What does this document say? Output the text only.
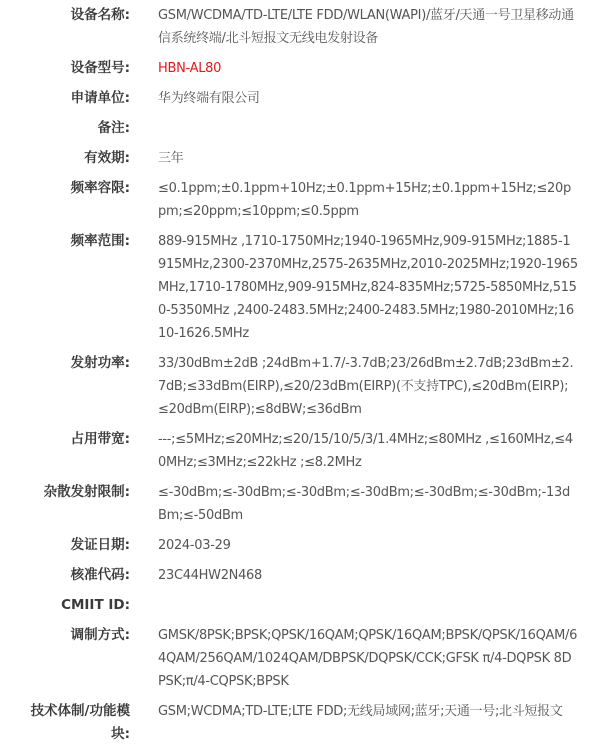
设备名称: GSM/WCDMA/TD-LTE/LTE FDD/WLAN(WAPI)/蓝牙/天通一号卫星移动通信系统终端/北斗短报文无线电发射设备
设备型号: HBN-AL80
申请单位: 华为终端有限公司
备注:
有效期: 三年
频率容限: ≤0.1ppm;±0.1ppm+10Hz;±0.1ppm+15Hz;±0.1ppm+15Hz;≤20ppm;≤20ppm;≤10ppm;≤0.5ppm
频率范围: 889-915MHz ,1710-1750MHz;1940-1965MHz,909-915MHz;1885-1915MHz,2300-2370MHz,2575-2635MHz,2010-2025MHz;1920-1965MHz,1710-1780MHz,909-915MHz,824-835MHz;5725-5850MHz,5150-5350MHz ,2400-2483.5MHz;2400-2483.5MHz;1980-2010MHz;1610-1626.5MHz
发射功率: 33/30dBm±2dB ;24dBm+1.7/-3.7dB;23/26dBm±2.7dB;23dBm±2.7dB;≤33dBm(EIRP),≤20/23dBm(EIRP)(不支持TPC),≤20dBm(EIRP);≤20dBm(EIRP);≤8dBW;≤36dBm
占用带宽: ---;≤5MHz;≤20MHz;≤20/15/10/5/3/1.4MHz;≤80MHz ,≤160MHz,≤40MHz;≤3MHz;≤22kHz ;≤8.2MHz
杂散发射限制: ≤-30dBm;≤-30dBm;≤-30dBm;≤-30dBm;≤-30dBm;≤-30dBm;-13dBm;≤-50dBm
发证日期: 2024-03-29
核准代码: 23C44HW2N468
CMIIT ID:
调制方式: GMSK/8PSK;BPSK;QPSK/16QAM;QPSK/16QAM;BPSK/QPSK/16QAM/64QAM/256QAM/1024QAM/DBPSK/DQPSK/CCK;GFSK π/4-DQPSK 8DPSK;π/4-CQPSK;BPSK
技术体制/功能模块:
GSM;WCDMA;TD-LTE;LTE FDD;无线局域网;蓝牙;天通一号;北斗短报文
